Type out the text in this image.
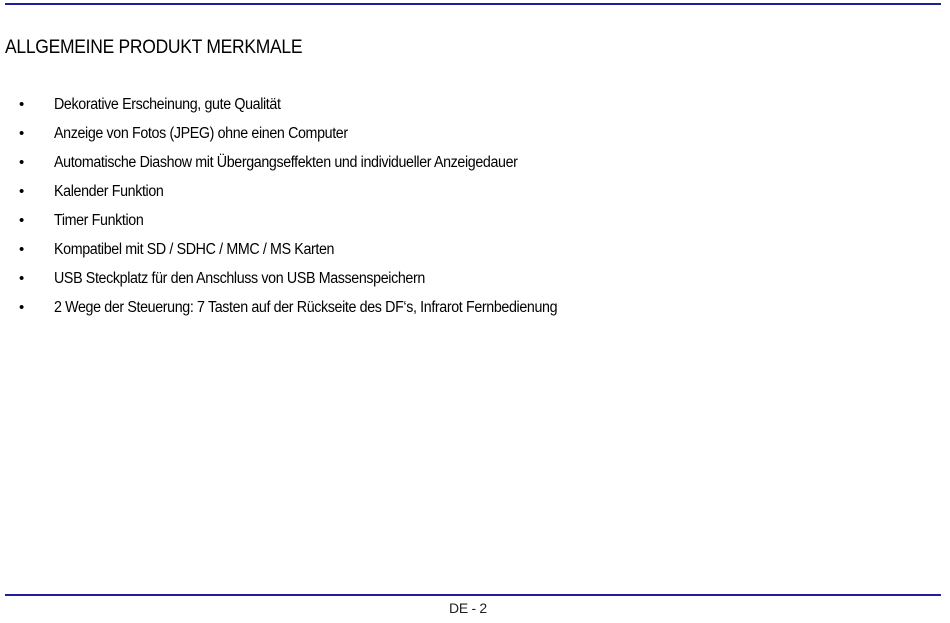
ALLGEMEINE PRODUKT MERKMALE
• Dekorative Erscheinung, gute Qualität
• Anzeige von Fotos (JPEG) ohne einen Computer
• Automatische Diashow mit Übergangseffekten und individueller Anzeigedauer
• Kalender Funktion
• Timer Funktion
• Kompatibel mit SD / SDHC / MMC / MS Karten
• USB Steckplatz für den Anschluss von USB Massenspeichern
• 2 Wege der Steuerung: 7 Tasten auf der Rückseite des DF‘s, Infrarot Fernbedienung
DE - 2
